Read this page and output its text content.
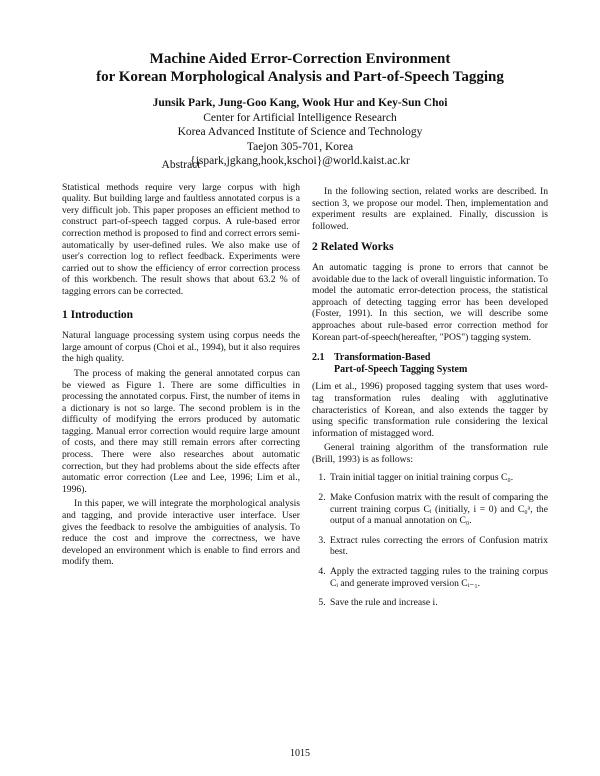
Machine Aided Error-Correction Environment
for Korean Morphological Analysis and Part-of-Speech Tagging
Junsik Park, Jung-Goo Kang, Wook Hur and Key-Sun Choi
Center for Artificial Intelligence Research
Korea Advanced Institute of Science and Technology
Taejon 305-701, Korea
{jspark,jgkang,hook,kschoi}@world.kaist.ac.kr
Abstract

Statistical methods require very large corpus with high quality. But building large and faultless annotated corpus is a very difficult job. This paper proposes an efficient method to construct part-of-speech tagged corpus. A rule-based error correction method is proposed to find and correct errors semi-automatically by user-defined rules. We also make use of user's correction log to reflect feedback. Experiments were carried out to show the efficiency of error correction process of this workbench. The result shows that about 63.2 % of tagging errors can be corrected.

1 Introduction

Natural language processing system using corpus needs the large amount of corpus (Choi et al., 1994), but it also requires the high quality.

The process of making the general annotated corpus can be viewed as Figure 1. There are some difficulties in processing the annotated corpus. First, the number of items in a dictionary is not so large. The second problem is in the difficulty of modifying the errors produced by automatic tagging. Manual error correction would require large amount of costs, and there may still remain errors after correcting process. There were also researches about automatic correction, but they had problems about the side effects after automatic error correction (Lee and Lee, 1996; Lim et al., 1996).

In this paper, we will integrate the morphological analysis and tagging, and provide interactive user interface. User gives the feedback to resolve the ambiguities of analysis. To reduce the cost and improve the correctness, we have developed an environment which is enable to find errors and modify them.

In the following section, related works are described. In section 3, we propose our model. Then, implementation and experiment results are explained. Finally, discussion is followed.

2 Related Works

An automatic tagging is prone to errors that cannot be avoidable due to the lack of overall linguistic information. To model the automatic error-detection process, the statistical approach of detecting tagging error has been developed (Foster, 1991). In this section, we will describe some approaches about rule-based error correction method for Korean part-of-speech(hereafter, "POS") tagging system.

2.1 Transformation-Based
Part-of-Speech Tagging System

(Lim et al., 1996) proposed tagging system that uses word-tag transformation rules dealing with agglutinative characteristics of Korean, and also extends the tagger by using specific transformation rule considering the lexical information of mistagged word.

General training algorithm of the transformation rule (Brill, 1993) is as follows:

1. Train initial tagger on initial training corpus C₀.
2. Make Confusion matrix with the result of comparing the current training corpus Cᵢ (initially, i = 0) and C₀ᵃ, the output of a manual annotation on C₀.
3. Extract rules correcting the errors of Confusion matrix best.
4. Apply the extracted tagging rules to the training corpus Cᵢ and generate improved version Cᵢ₋₁.
5. Save the rule and increase i.
1015
